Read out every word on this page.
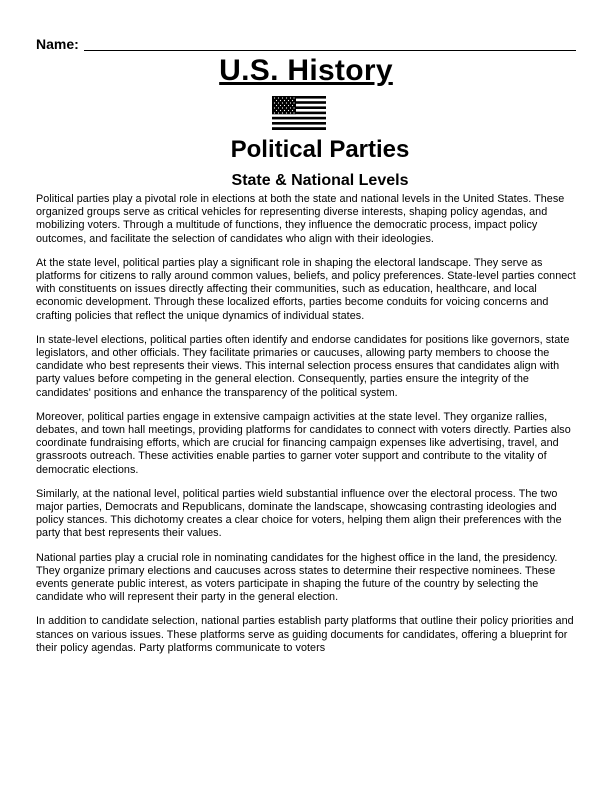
Name:
U.S. History
Political Parties
State & National Levels

Political parties play a pivotal role in elections at both the state and national levels in the United States. These organized groups serve as critical vehicles for representing diverse interests, shaping policy agendas, and mobilizing voters. Through a multitude of functions, they influence the democratic process, impact policy outcomes, and facilitate the selection of candidates who align with their ideologies.

At the state level, political parties play a significant role in shaping the electoral landscape. They serve as platforms for citizens to rally around common values, beliefs, and policy preferences. State-level parties connect with constituents on issues directly affecting their communities, such as education, healthcare, and local economic development. Through these localized efforts, parties become conduits for voicing concerns and crafting policies that reflect the unique dynamics of individual states.

In state-level elections, political parties often identify and endorse candidates for positions like governors, state legislators, and other officials. They facilitate primaries or caucuses, allowing party members to choose the candidate who best represents their views. This internal selection process ensures that candidates align with party values before competing in the general election. Consequently, parties ensure the integrity of the candidates' positions and enhance the transparency of the political system.

Moreover, political parties engage in extensive campaign activities at the state level. They organize rallies, debates, and town hall meetings, providing platforms for candidates to connect with voters directly. Parties also coordinate fundraising efforts, which are crucial for financing campaign expenses like advertising, travel, and grassroots outreach. These activities enable parties to garner voter support and contribute to the vitality of democratic elections.

Similarly, at the national level, political parties wield substantial influence over the electoral process. The two major parties, Democrats and Republicans, dominate the landscape, showcasing contrasting ideologies and policy stances. This dichotomy creates a clear choice for voters, helping them align their preferences with the party that best represents their values.

National parties play a crucial role in nominating candidates for the highest office in the land, the presidency. They organize primary elections and caucuses across states to determine their respective nominees. These events generate public interest, as voters participate in shaping the future of the country by selecting the candidate who will represent their party in the general election.

In addition to candidate selection, national parties establish party platforms that outline their policy priorities and stances on various issues. These platforms serve as guiding documents for candidates, offering a blueprint for their policy agendas. Party platforms communicate to voters
